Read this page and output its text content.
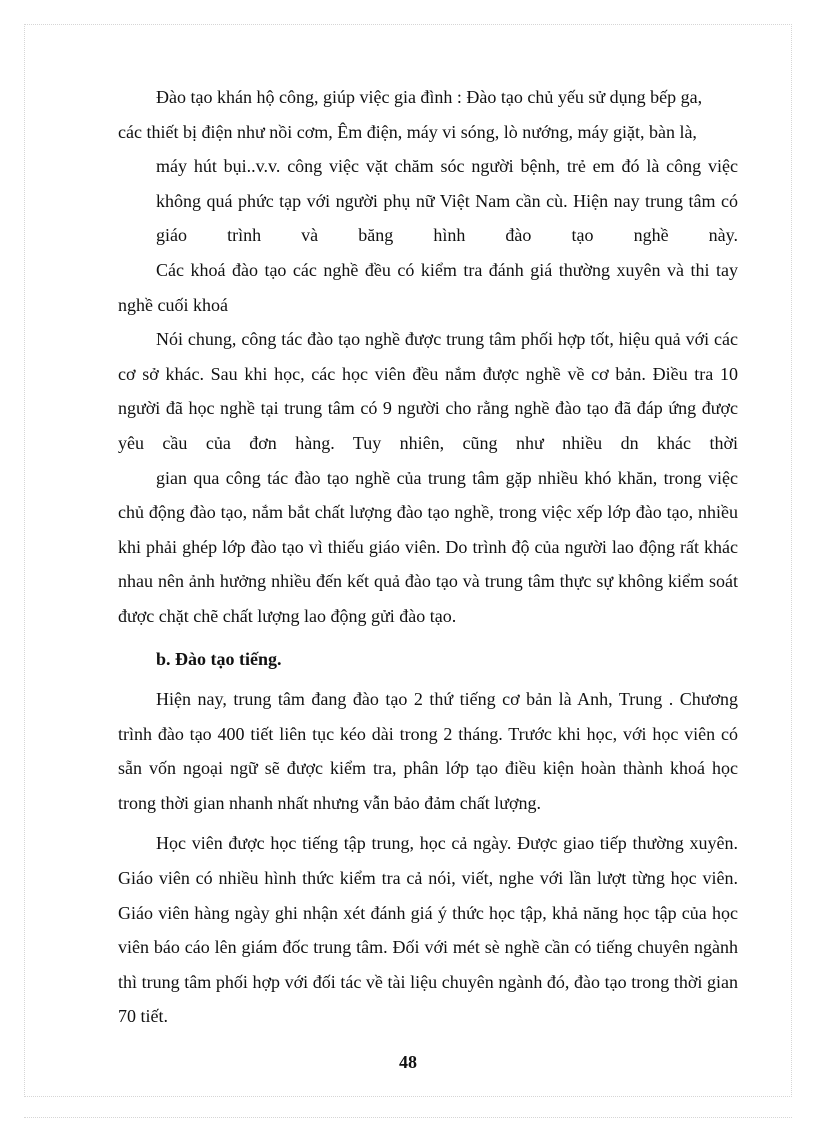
Đào tạo khán hộ công, giúp việc gia đình : Đào tạo chủ yếu sử dụng bếp ga,

các thiết bị điện như nồi cơm, Êm điện, máy vi sóng, lò nướng, máy giặt, bàn là,

máy hút bụi..v.v. công việc vặt chăm sóc người bệnh, trẻ em đó là công việc không quá phức tạp với người phụ nữ Việt Nam cần cù. Hiện nay trung tâm có giáo trình và băng hình đào tạo nghề này.

Các khoá đào tạo các nghề đều có kiểm tra đánh giá thường xuyên và thi tay nghề cuối khoá

Nói chung, công tác đào tạo nghề được trung tâm phối hợp tốt, hiệu quả với các cơ sở khác. Sau khi học, các học viên đều nắm được nghề về cơ bản. Điều tra 10 người đã học nghề tại trung tâm có 9 người cho rằng nghề đào tạo đã đáp ứng được yêu cầu của đơn hàng. Tuy nhiên, cũng như nhiều dn khác thời

gian qua công tác đào tạo nghề của trung tâm gặp nhiều khó khăn, trong việc chủ động đào tạo, nắm bắt chất lượng đào tạo nghề, trong việc xếp lớp đào tạo, nhiều khi phải ghép lớp đào tạo vì thiếu giáo viên. Do trình độ của người lao động rất khác nhau nên ảnh hưởng nhiều đến kết quả đào tạo và trung tâm thực sự không kiểm soát được chặt chẽ chất lượng lao động gửi đào tạo.

b. Đào tạo tiếng.

Hiện nay, trung tâm đang đào tạo 2 thứ tiếng cơ bản là Anh, Trung . Chương trình đào tạo 400 tiết liên tục kéo dài trong 2 tháng. Trước khi học, với học viên có sẵn vốn ngoại ngữ sẽ được kiểm tra, phân lớp tạo điều kiện hoàn thành khoá học trong thời gian nhanh nhất nhưng vẫn bảo đảm chất lượng.

Học viên được học tiếng tập trung, học cả ngày. Được giao tiếp thường xuyên. Giáo viên có nhiều hình thức kiểm tra cả nói, viết, nghe với lần lượt từng học viên. Giáo viên hàng ngày ghi nhận xét đánh giá ý thức học tập, khả năng học tập của học viên báo cáo lên giám đốc trung tâm. Đối với mét sè nghề cần có tiếng chuyên ngành thì trung tâm phối hợp với đối tác về tài liệu chuyên ngành đó, đào tạo trong thời gian 70 tiết.

48
